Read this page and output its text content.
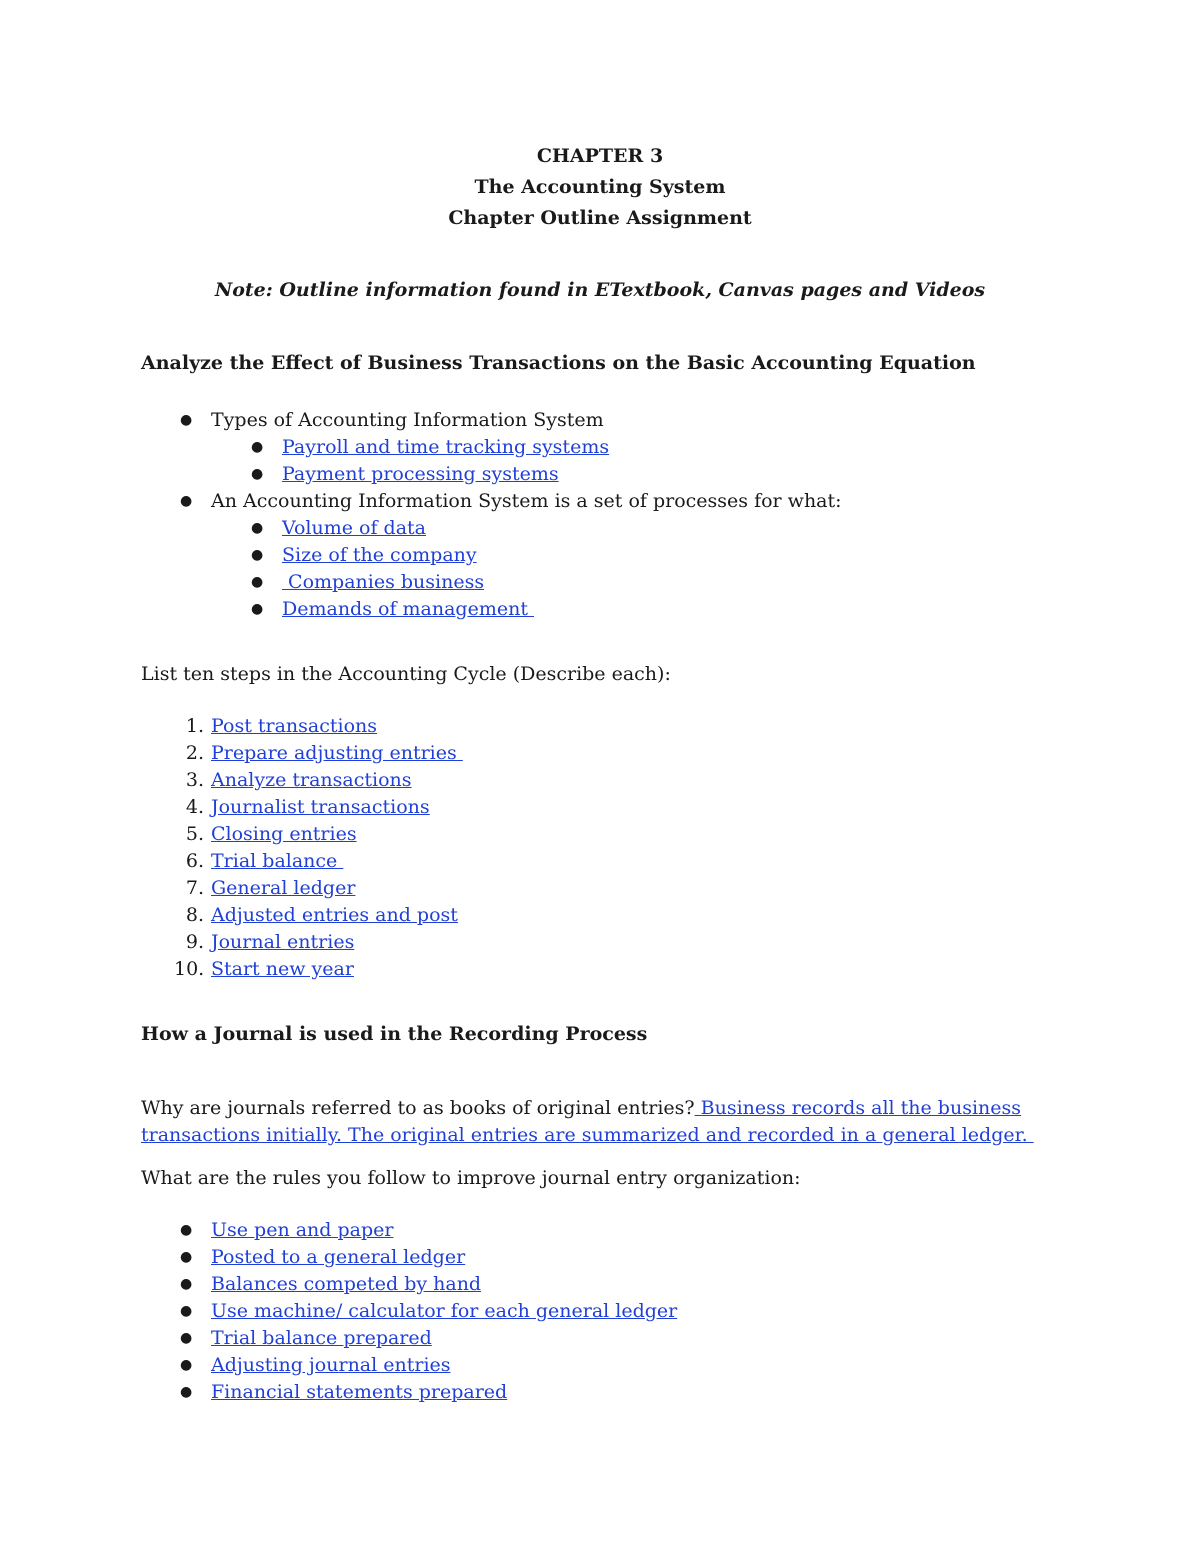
CHAPTER 3
The Accounting System
Chapter Outline Assignment
Note: Outline information found in ETextbook, Canvas pages and Videos
Analyze the Effect of Business Transactions on the Basic Accounting Equation
● Types of Accounting Information System
● Payroll and time tracking systems
● Payment processing systems
● An Accounting Information System is a set of processes for what:
● Volume of data
● Size of the company
● Companies business
● Demands of management
List ten steps in the Accounting Cycle (Describe each):
1. Post transactions
2. Prepare adjusting entries
3. Analyze transactions
4. Journalist transactions
5. Closing entries
6. Trial balance
7. General ledger
8. Adjusted entries and post
9. Journal entries
10. Start new year
How a Journal is used in the Recording Process
Why are journals referred to as books of original entries? Business records all the business
transactions initially. The original entries are summarized and recorded in a general ledger.
What are the rules you follow to improve journal entry organization:
● Use pen and paper
● Posted to a general ledger
● Balances competed by hand
● Use machine/ calculator for each general ledger
● Trial balance prepared
● Adjusting journal entries
● Financial statements prepared
